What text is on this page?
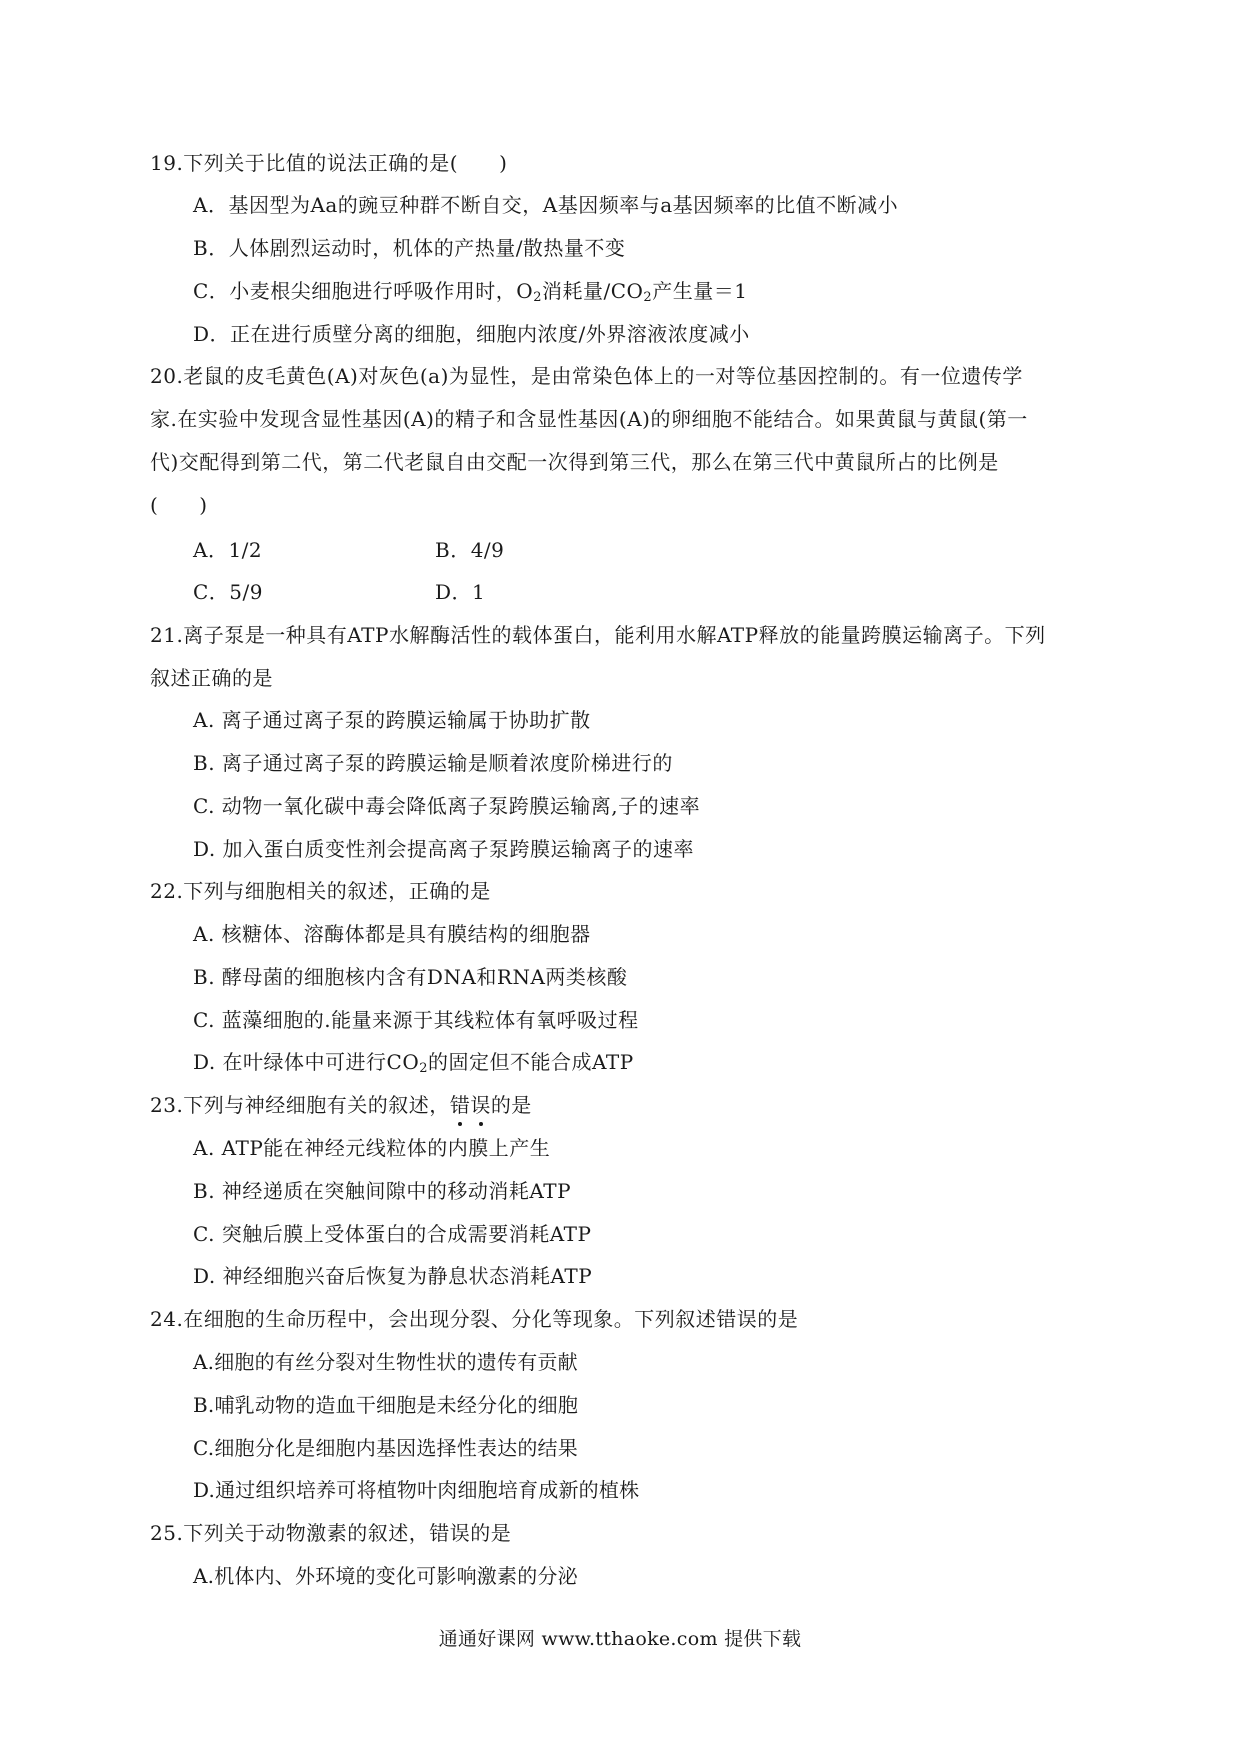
19.下列关于比值的说法正确的是(　　)
A．基因型为Aa的豌豆种群不断自交，A基因频率与a基因频率的比值不断减小
B．人体剧烈运动时，机体的产热量/散热量不变
C．小麦根尖细胞进行呼吸作用时，$O_2$消耗量$/CO_2$产生量＝1
D．正在进行质壁分离的细胞，细胞内浓度/外界溶液浓度减小
20.老鼠的皮毛黄色(A)对灰色(a)为显性，是由常染色体上的一对等位基因控制的。有一位遗传学
家.在实验中发现含显性基因(A)的精子和含显性基因(A)的卵细胞不能结合。如果黄鼠与黄鼠(第一
代)交配得到第二代，第二代老鼠自由交配一次得到第三代，那么在第三代中黄鼠所占的比例是
(　　)
A．1/2	B．4/9
C．5/9	D．1
21.离子泵是一种具有ATP水解酶活性的载体蛋白，能利用水解ATP释放的能量跨膜运输离子。下列
叙述正确的是
A. 离子通过离子泵的跨膜运输属于协助扩散
B. 离子通过离子泵的跨膜运输是顺着浓度阶梯进行的
C. 动物一氧化碳中毒会降低离子泵跨膜运输离,子的速率
D. 加入蛋白质变性剂会提高离子泵跨膜运输离子的速率
22.下列与细胞相关的叙述，正确的是
A. 核糖体、溶酶体都是具有膜结构的细胞器
B. 酵母菌的细胞核内含有DNA和RNA两类核酸
C. 蓝藻细胞的.能量来源于其线粒体有氧呼吸过程
D. 在叶绿体中可进行$CO_2$的固定但不能合成ATP
23.下列与神经细胞有关的叙述，错误的是
A. ATP能在神经元线粒体的内膜上产生
B. 神经递质在突触间隙中的移动消耗ATP
C. 突触后膜上受体蛋白的合成需要消耗ATP
D. 神经细胞兴奋后恢复为静息状态消耗ATP
24.在细胞的生命历程中，会出现分裂、分化等现象。下列叙述错误的是
A.细胞的有丝分裂对生物性状的遗传有贡献
B.哺乳动物的造血干细胞是未经分化的细胞
C.细胞分化是细胞内基因选择性表达的结果
D.通过组织培养可将植物叶肉细胞培育成新的植株
25.下列关于动物激素的叙述，错误的是
A.机体内、外环境的变化可影响激素的分泌
通通好课网 www.tthaoke.com 提供下载
